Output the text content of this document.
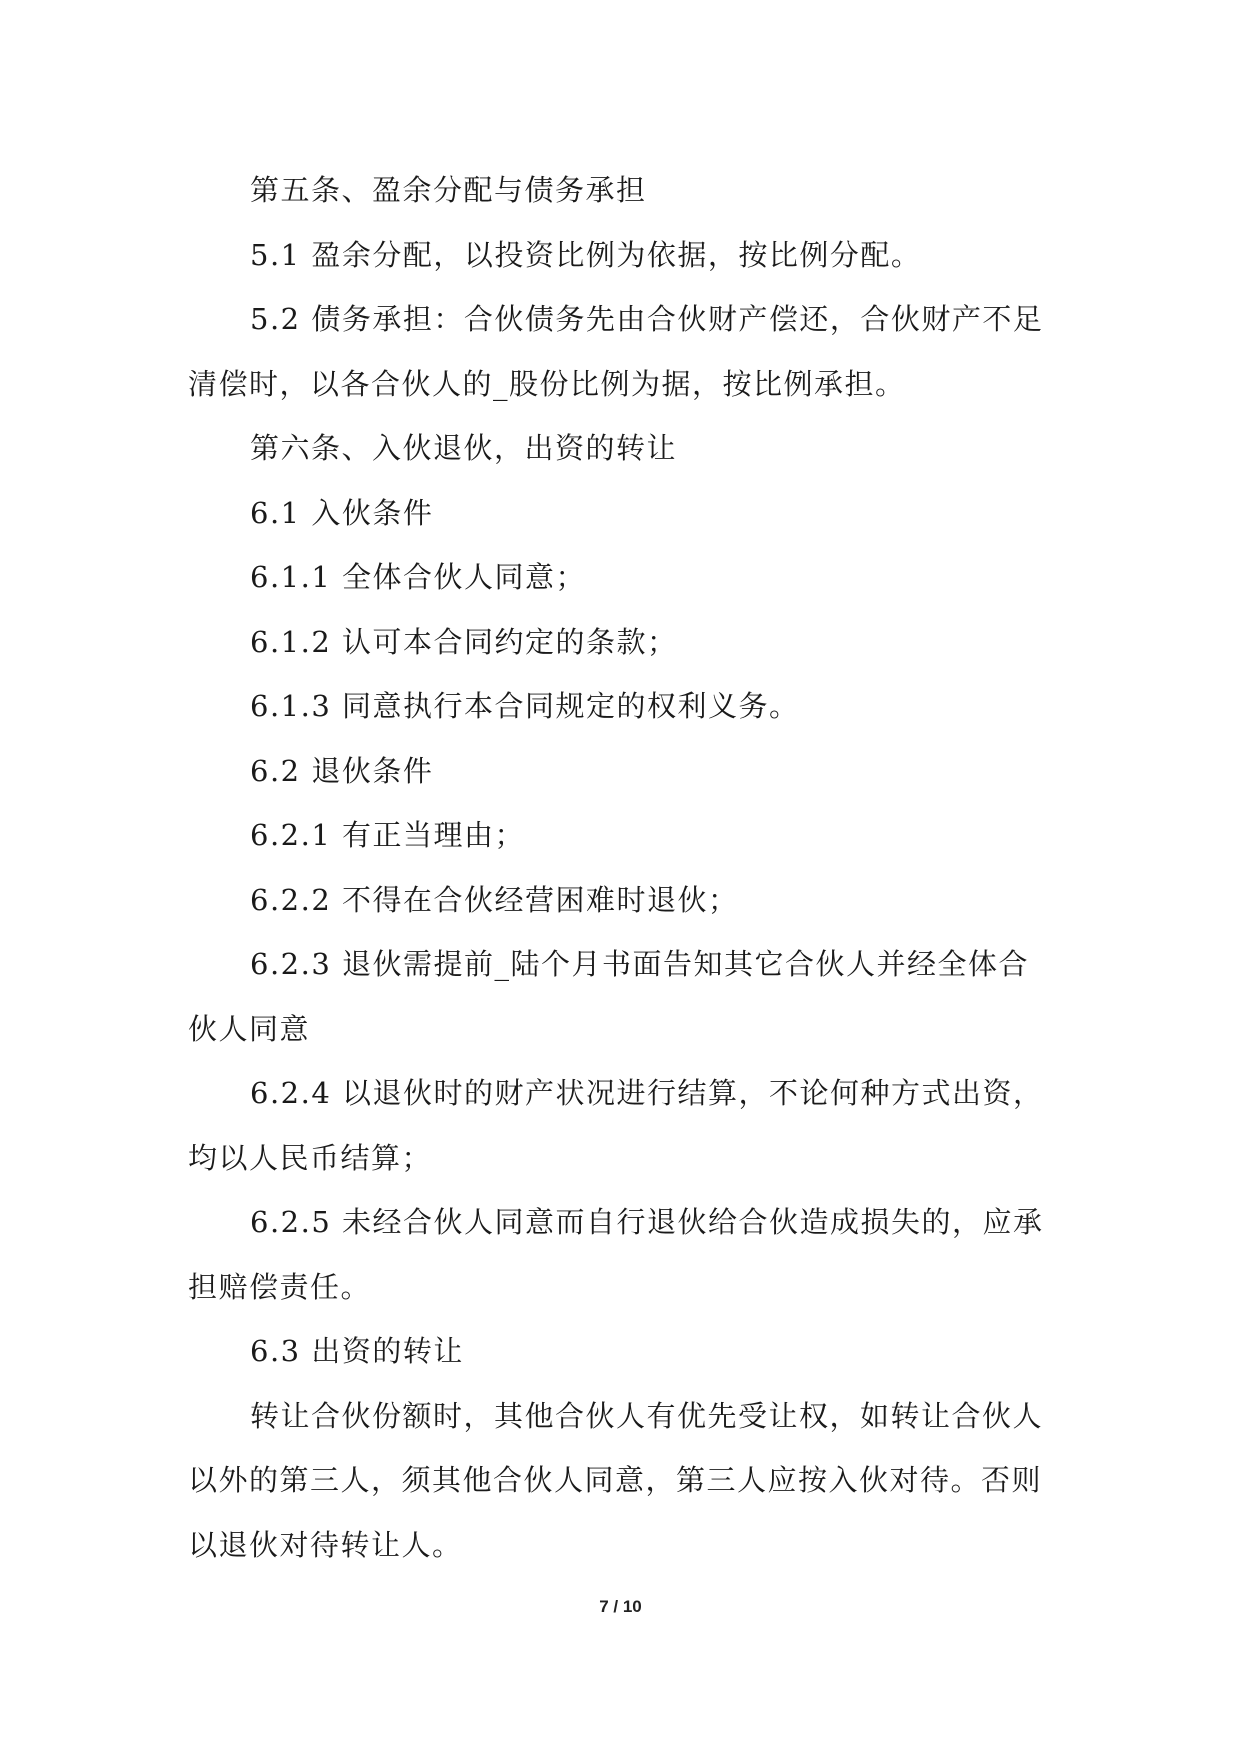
第五条、盈余分配与债务承担

5.1 盈余分配，以投资比例为依据，按比例分配。

5.2 债务承担：合伙债务先由合伙财产偿还，合伙财产不足清偿时，以各合伙人的_股份比例为据，按比例承担。

第六条、入伙退伙，出资的转让

6.1 入伙条件

6.1.1 全体合伙人同意；

6.1.2 认可本合同约定的条款；

6.1.3 同意执行本合同规定的权利义务。

6.2 退伙条件

6.2.1 有正当理由；

6.2.2 不得在合伙经营困难时退伙；

6.2.3 退伙需提前_陆个月书面告知其它合伙人并经全体合伙人同意

6.2.4 以退伙时的财产状况进行结算，不论何种方式出资，均以人民币结算；

6.2.5 未经合伙人同意而自行退伙给合伙造成损失的，应承担赔偿责任。

6.3 出资的转让

转让合伙份额时，其他合伙人有优先受让权，如转让合伙人以外的第三人，须其他合伙人同意，第三人应按入伙对待。否则以退伙对待转让人。

7 / 10
